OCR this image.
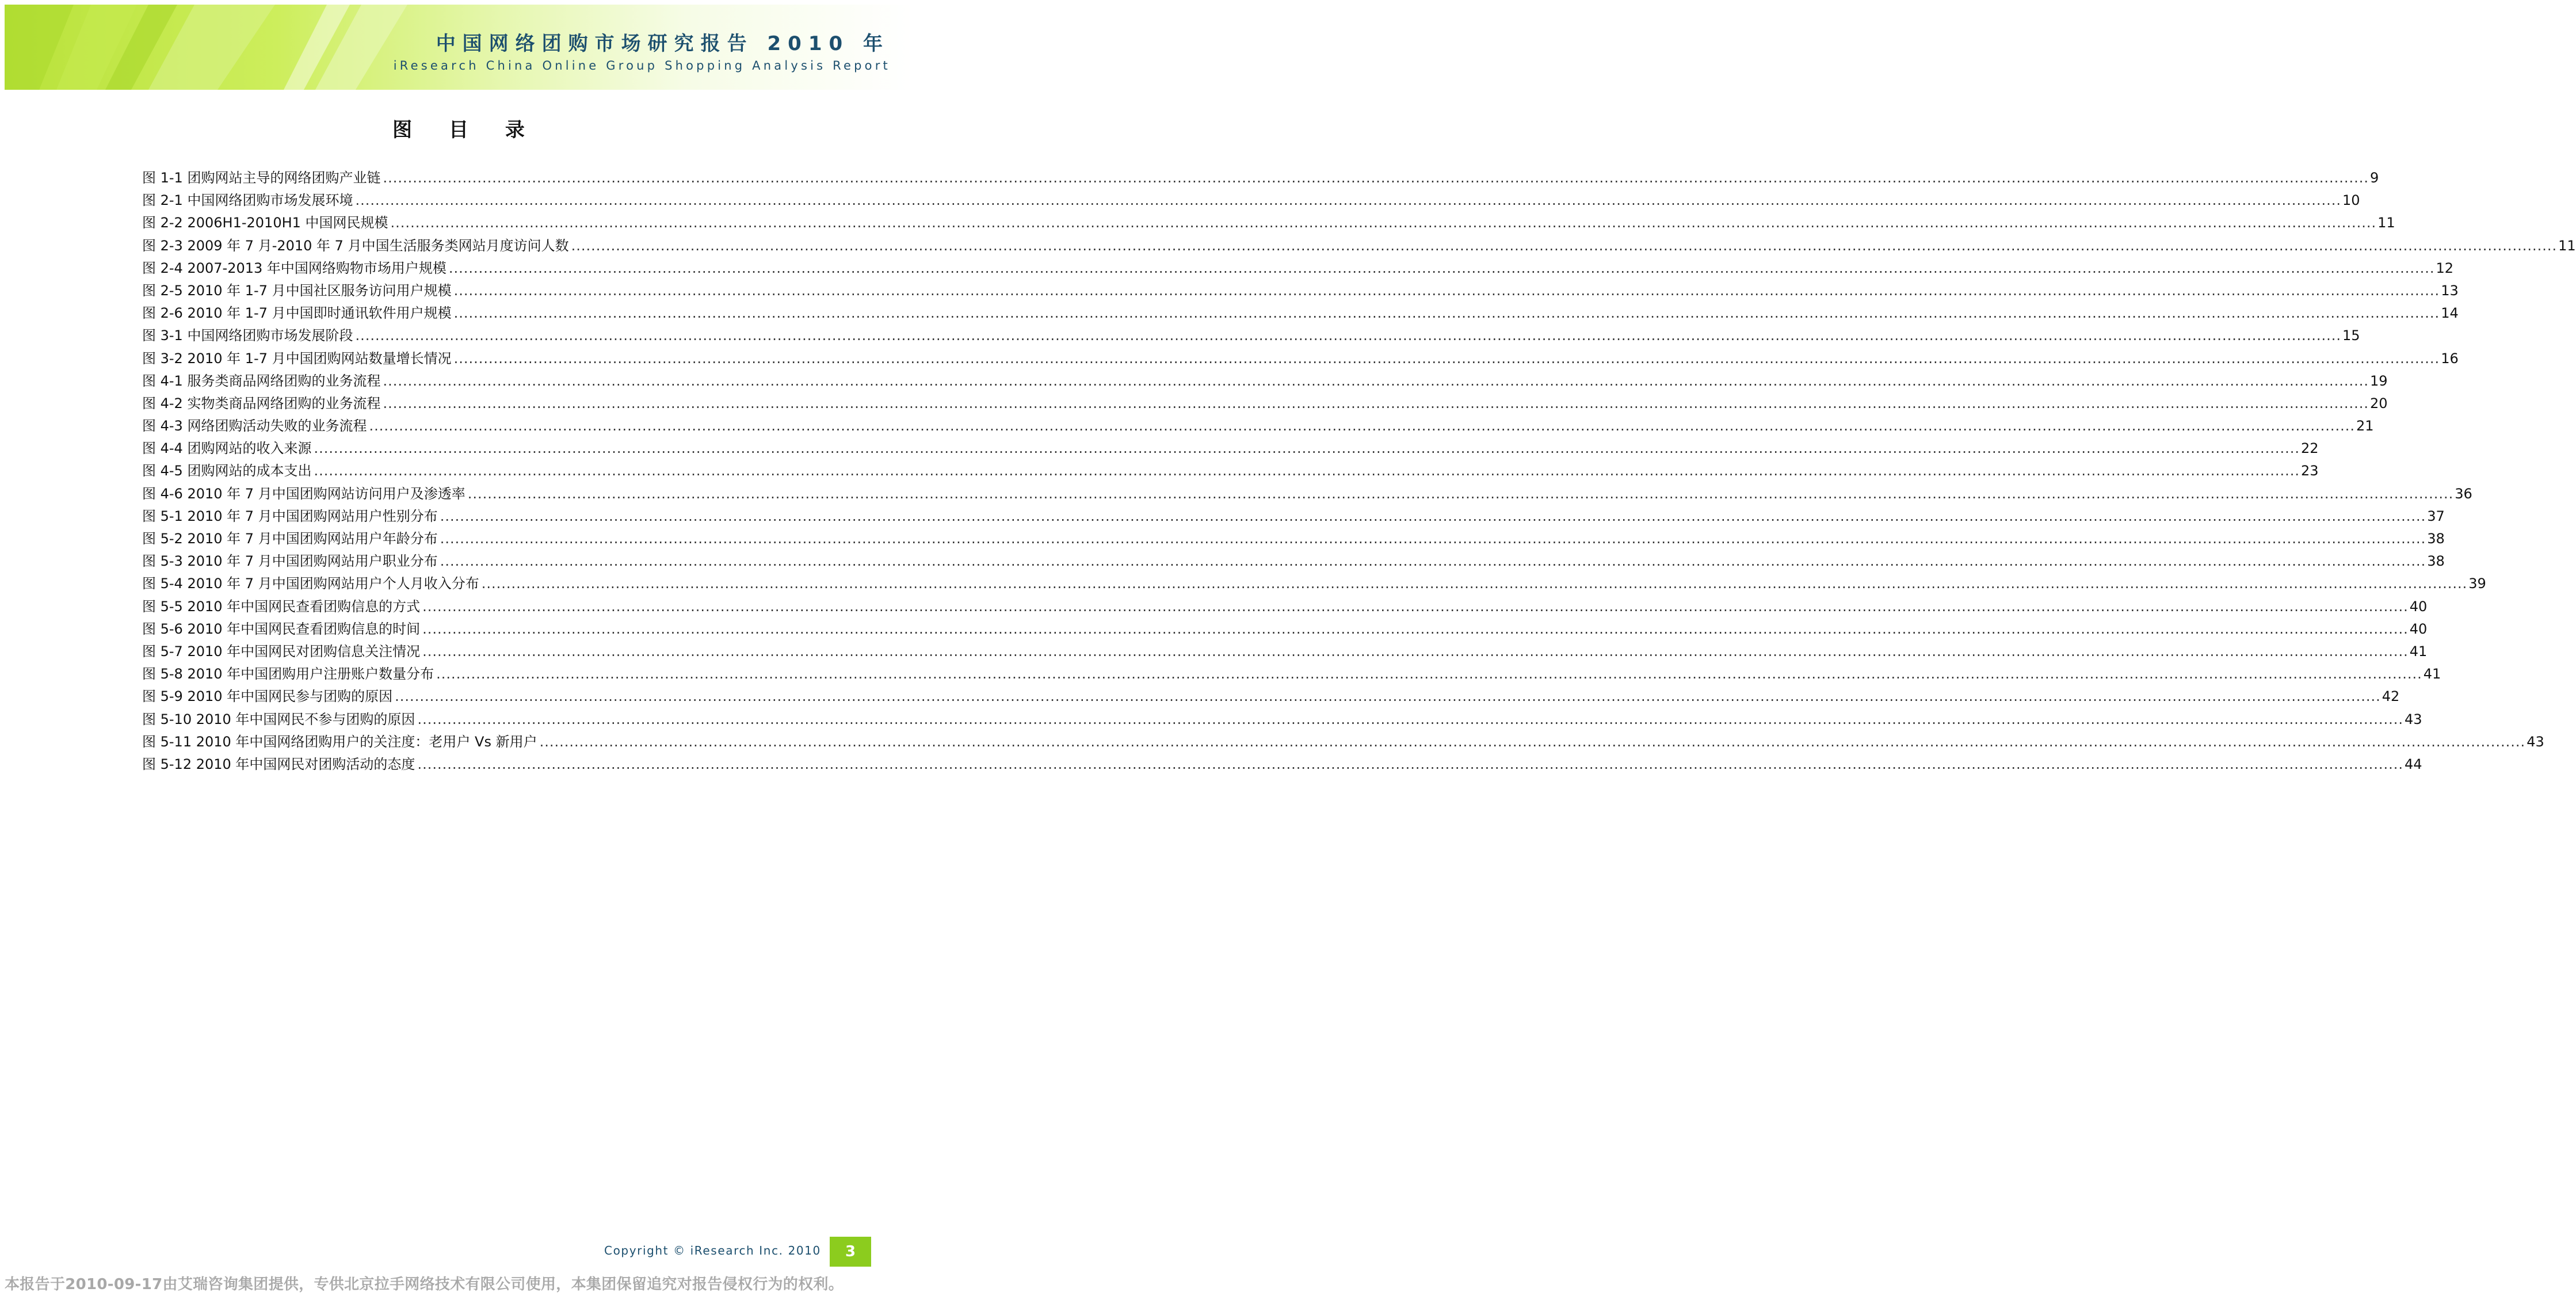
中国网络团购市场研究报告 2010 年
iResearch China Online Group Shopping Analysis Report
图 目 录
图 1-1 团购网站主导的网络团购产业链 ................................................................................................................................................................................................................................................................................................................................................................................................................ 9
图 2-1 中国网络团购市场发展环境 ................................................................................................................................................................................................................................................................................................................................................................................................................ 10
图 2-2 2006H1-2010H1 中国网民规模 ................................................................................................................................................................................................................................................................................................................................................................................................................ 11
图 2-3 2009 年 7 月-2010 年 7 月中国生活服务类网站月度访问人数 ................................................................................................................................................................................................................................................................................................................................................................................................................ 11
图 2-4 2007-2013 年中国网络购物市场用户规模 ................................................................................................................................................................................................................................................................................................................................................................................................................ 12
图 2-5 2010 年 1-7 月中国社区服务访问用户规模 ................................................................................................................................................................................................................................................................................................................................................................................................................ 13
图 2-6 2010 年 1-7 月中国即时通讯软件用户规模 ................................................................................................................................................................................................................................................................................................................................................................................................................ 14
图 3-1 中国网络团购市场发展阶段 ................................................................................................................................................................................................................................................................................................................................................................................................................ 15
图 3-2 2010 年 1-7 月中国团购网站数量增长情况 ................................................................................................................................................................................................................................................................................................................................................................................................................ 16
图 4-1 服务类商品网络团购的业务流程 ................................................................................................................................................................................................................................................................................................................................................................................................................ 19
图 4-2 实物类商品网络团购的业务流程 ................................................................................................................................................................................................................................................................................................................................................................................................................ 20
图 4-3 网络团购活动失败的业务流程 ................................................................................................................................................................................................................................................................................................................................................................................................................ 21
图 4-4 团购网站的收入来源 ................................................................................................................................................................................................................................................................................................................................................................................................................ 22
图 4-5 团购网站的成本支出 ................................................................................................................................................................................................................................................................................................................................................................................................................ 23
图 4-6 2010 年 7 月中国团购网站访问用户及渗透率 ................................................................................................................................................................................................................................................................................................................................................................................................................ 36
图 5-1 2010 年 7 月中国团购网站用户性别分布 ................................................................................................................................................................................................................................................................................................................................................................................................................ 37
图 5-2 2010 年 7 月中国团购网站用户年龄分布 ................................................................................................................................................................................................................................................................................................................................................................................................................ 38
图 5-3 2010 年 7 月中国团购网站用户职业分布 ................................................................................................................................................................................................................................................................................................................................................................................................................ 38
图 5-4 2010 年 7 月中国团购网站用户个人月收入分布 ................................................................................................................................................................................................................................................................................................................................................................................................................ 39
图 5-5 2010 年中国网民查看团购信息的方式 ................................................................................................................................................................................................................................................................................................................................................................................................................ 40
图 5-6 2010 年中国网民查看团购信息的时间 ................................................................................................................................................................................................................................................................................................................................................................................................................ 40
图 5-7 2010 年中国网民对团购信息关注情况 ................................................................................................................................................................................................................................................................................................................................................................................................................ 41
图 5-8 2010 年中国团购用户注册账户数量分布 ................................................................................................................................................................................................................................................................................................................................................................................................................ 41
图 5-9 2010 年中国网民参与团购的原因 ................................................................................................................................................................................................................................................................................................................................................................................................................ 42
图 5-10 2010 年中国网民不参与团购的原因 ................................................................................................................................................................................................................................................................................................................................................................................................................ 43
图 5-11 2010 年中国网络团购用户的关注度：老用户 Vs 新用户 ................................................................................................................................................................................................................................................................................................................................................................................................................ 43
图 5-12 2010 年中国网民对团购活动的态度 ................................................................................................................................................................................................................................................................................................................................................................................................................ 44
Copyright © iResearch Inc. 2010 3
本报告于2010-09-17由艾瑞咨询集团提供，专供北京拉手网络技术有限公司使用，本集团保留追究对报告侵权行为的权利。
